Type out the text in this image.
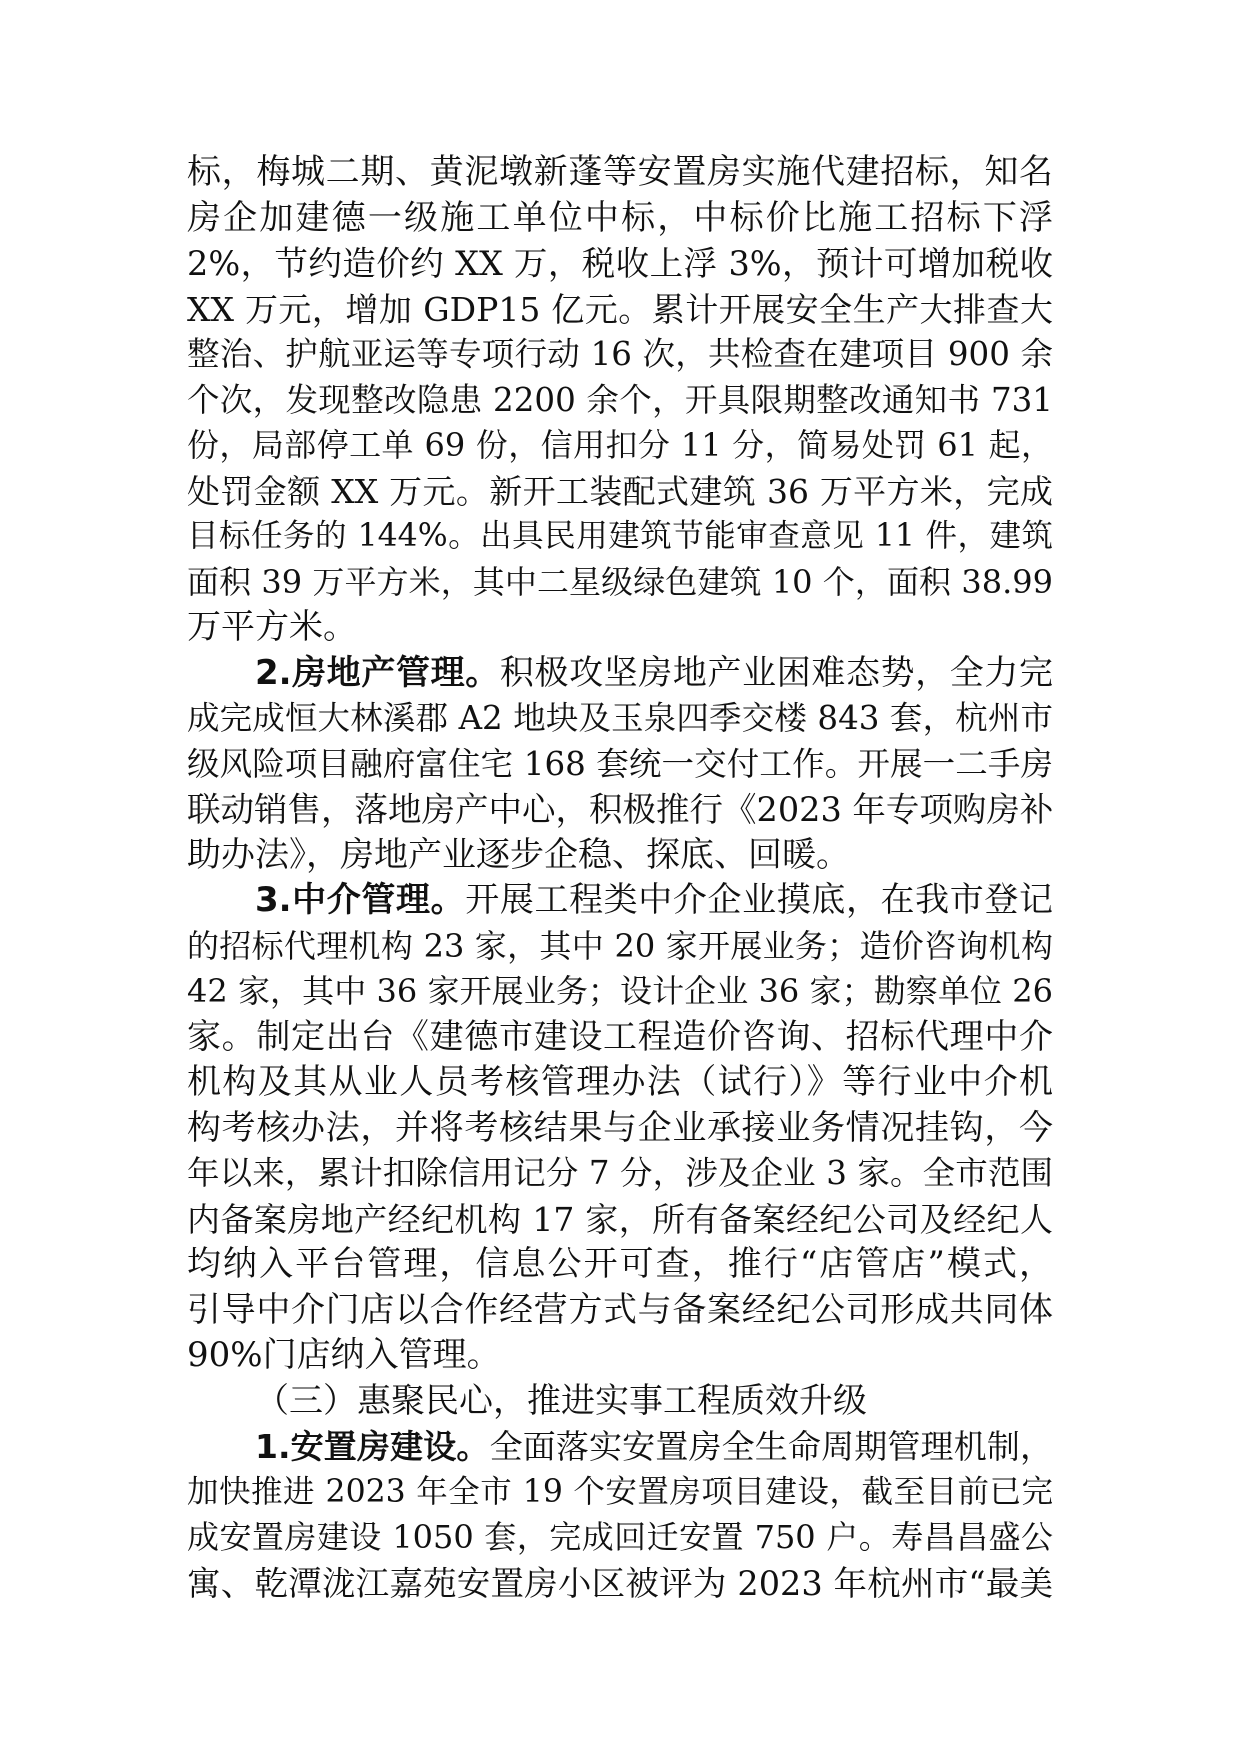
标，梅城二期、黄泥墩新蓬等安置房实施代建招标，知名
房企加建德一级施工单位中标，中标价比施工招标下浮
2%，节约造价约 XX 万，税收上浮 3%，预计可增加税收
XX 万元，增加 GDP15 亿元。累计开展安全生产大排查大
整治、护航亚运等专项行动 16 次，共检查在建项目 900 余
个次，发现整改隐患 2200 余个，开具限期整改通知书 731
份，局部停工单 69 份，信用扣分 11 分，简易处罚 61 起，
处罚金额 XX 万元。新开工装配式建筑 36 万平方米，完成
目标任务的 144%。出具民用建筑节能审查意见 11 件，建筑
面积 39 万平方米，其中二星级绿色建筑 10 个，面积 38.99
万平方米。
2.房地产管理。积极攻坚房地产业困难态势，全力完
成完成恒大林溪郡 A2 地块及玉泉四季交楼 843 套，杭州市
级风险项目融府富住宅 168 套统一交付工作。开展一二手房
联动销售，落地房产中心，积极推行《2023 年专项购房补
助办法》，房地产业逐步企稳、探底、回暖。
3.中介管理。开展工程类中介企业摸底，在我市登记
的招标代理机构 23 家，其中 20 家开展业务；造价咨询机构
42 家，其中 36 家开展业务；设计企业 36 家；勘察单位 26
家。制定出台《建德市建设工程造价咨询、招标代理中介
机构及其从业人员考核管理办法（试行）》等行业中介机
构考核办法，并将考核结果与企业承接业务情况挂钩，今
年以来，累计扣除信用记分 7 分，涉及企业 3 家。全市范围
内备案房地产经纪机构 17 家，所有备案经纪公司及经纪人
均纳入平台管理，信息公开可查，推行“店管店”模式，
引导中介门店以合作经营方式与备案经纪公司形成共同体
90%门店纳入管理。
（三）惠聚民心，推进实事工程质效升级
1.安置房建设。全面落实安置房全生命周期管理机制，
加快推进 2023 年全市 19 个安置房项目建设，截至目前已完
成安置房建设 1050 套，完成回迁安置 750 户。寿昌昌盛公
寓、乾潭泷江嘉苑安置房小区被评为 2023 年杭州市“最美
